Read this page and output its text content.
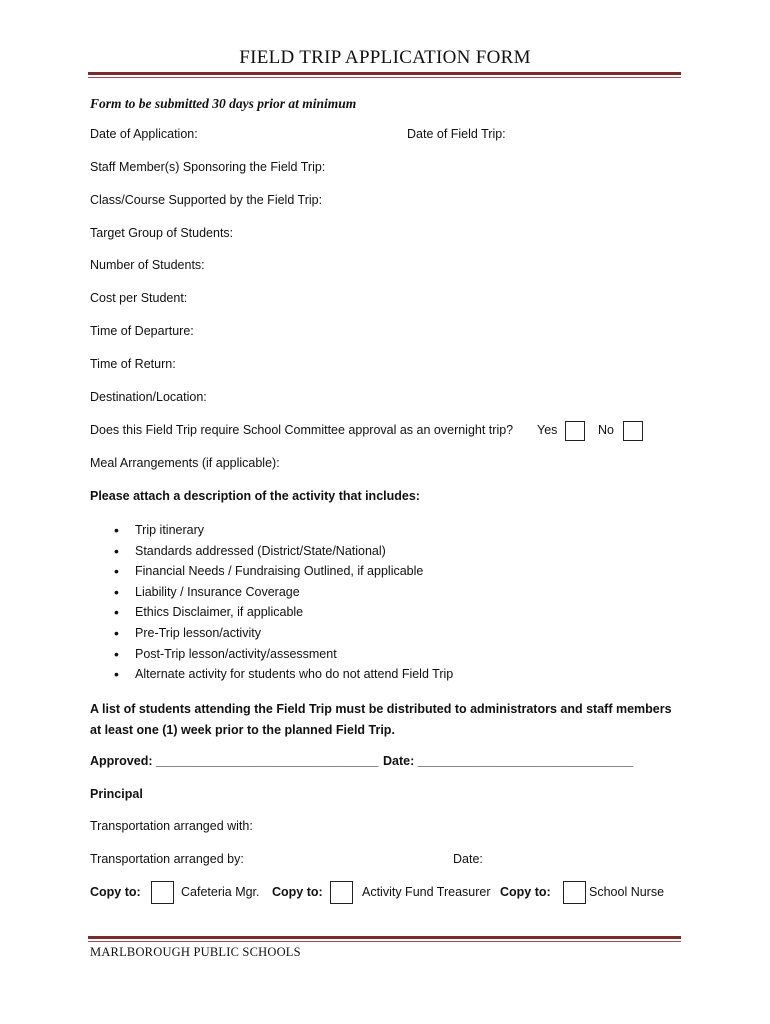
FIELD TRIP APPLICATION FORM
Form to be submitted 30 days prior at minimum
Date of Application:	Date of Field Trip:
Staff Member(s) Sponsoring the Field Trip:
Class/Course Supported by the Field Trip:
Target Group of Students:
Number of Students:
Cost per Student:
Time of Departure:
Time of Return:
Destination/Location:
Does this Field Trip require School Committee approval as an overnight trip? Yes	No
Meal Arrangements (if applicable):
Please attach a description of the activity that includes:
• Trip itinerary
• Standards addressed (District/State/National)
• Financial Needs / Fundraising Outlined, if applicable
• Liability / Insurance Coverage
• Ethics Disclaimer, if applicable
• Pre-Trip lesson/activity
• Post-Trip lesson/activity/assessment
• Alternate activity for students who do not attend Field Trip
A list of students attending the Field Trip must be distributed to administrators and staff members at least one (1) week prior to the planned Field Trip.
Approved: ________________________________ Date: _______________________________
Principal
Transportation arranged with:
Transportation arranged by:	Date:
Copy to:	Cafeteria Mgr. Copy to:	Activity Fund Treasurer Copy to:	School Nurse
MARLBOROUGH PUBLIC SCHOOLS
